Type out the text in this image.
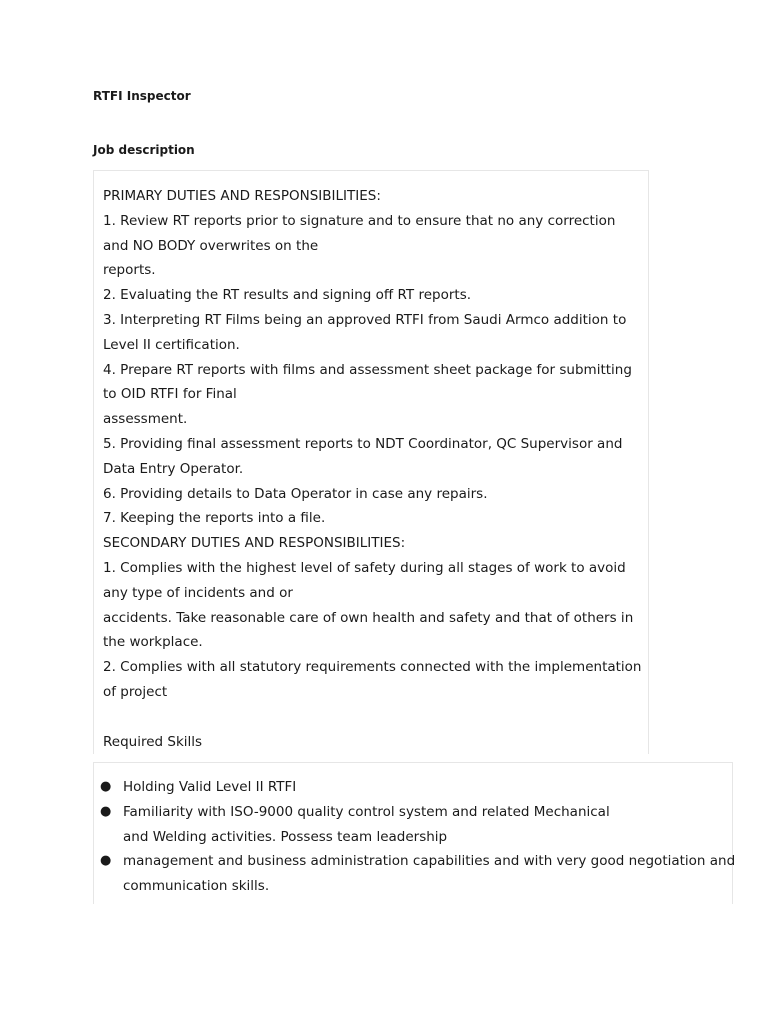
RTFI Inspector
Job description

PRIMARY DUTIES AND RESPONSIBILITIES:

1. Review RT reports prior to signature and to ensure that no any correction

and NO BODY overwrites on the

reports.

2. Evaluating the RT results and signing off RT reports.

3. Interpreting RT Films being an approved RTFI from Saudi Armco addition to

Level II certification.

4. Prepare RT reports with films and assessment sheet package for submitting

to OID RTFI for Final

assessment.

5. Providing final assessment reports to NDT Coordinator, QC Supervisor and

Data Entry Operator.

6. Providing details to Data Operator in case any repairs.

7. Keeping the reports into a file.

SECONDARY DUTIES AND RESPONSIBILITIES:

1. Complies with the highest level of safety during all stages of work to avoid

any type of incidents and or

accidents. Take reasonable care of own health and safety and that of others in

the workplace.

2. Complies with all statutory requirements connected with the implementation

of project

Required Skills

● Holding Valid Level II RTFI
● Familiarity with ISO-9000 quality control system and related Mechanical
and Welding activities. Possess team leadership
● management and business administration capabilities and with very good negotiation and
communication skills.
